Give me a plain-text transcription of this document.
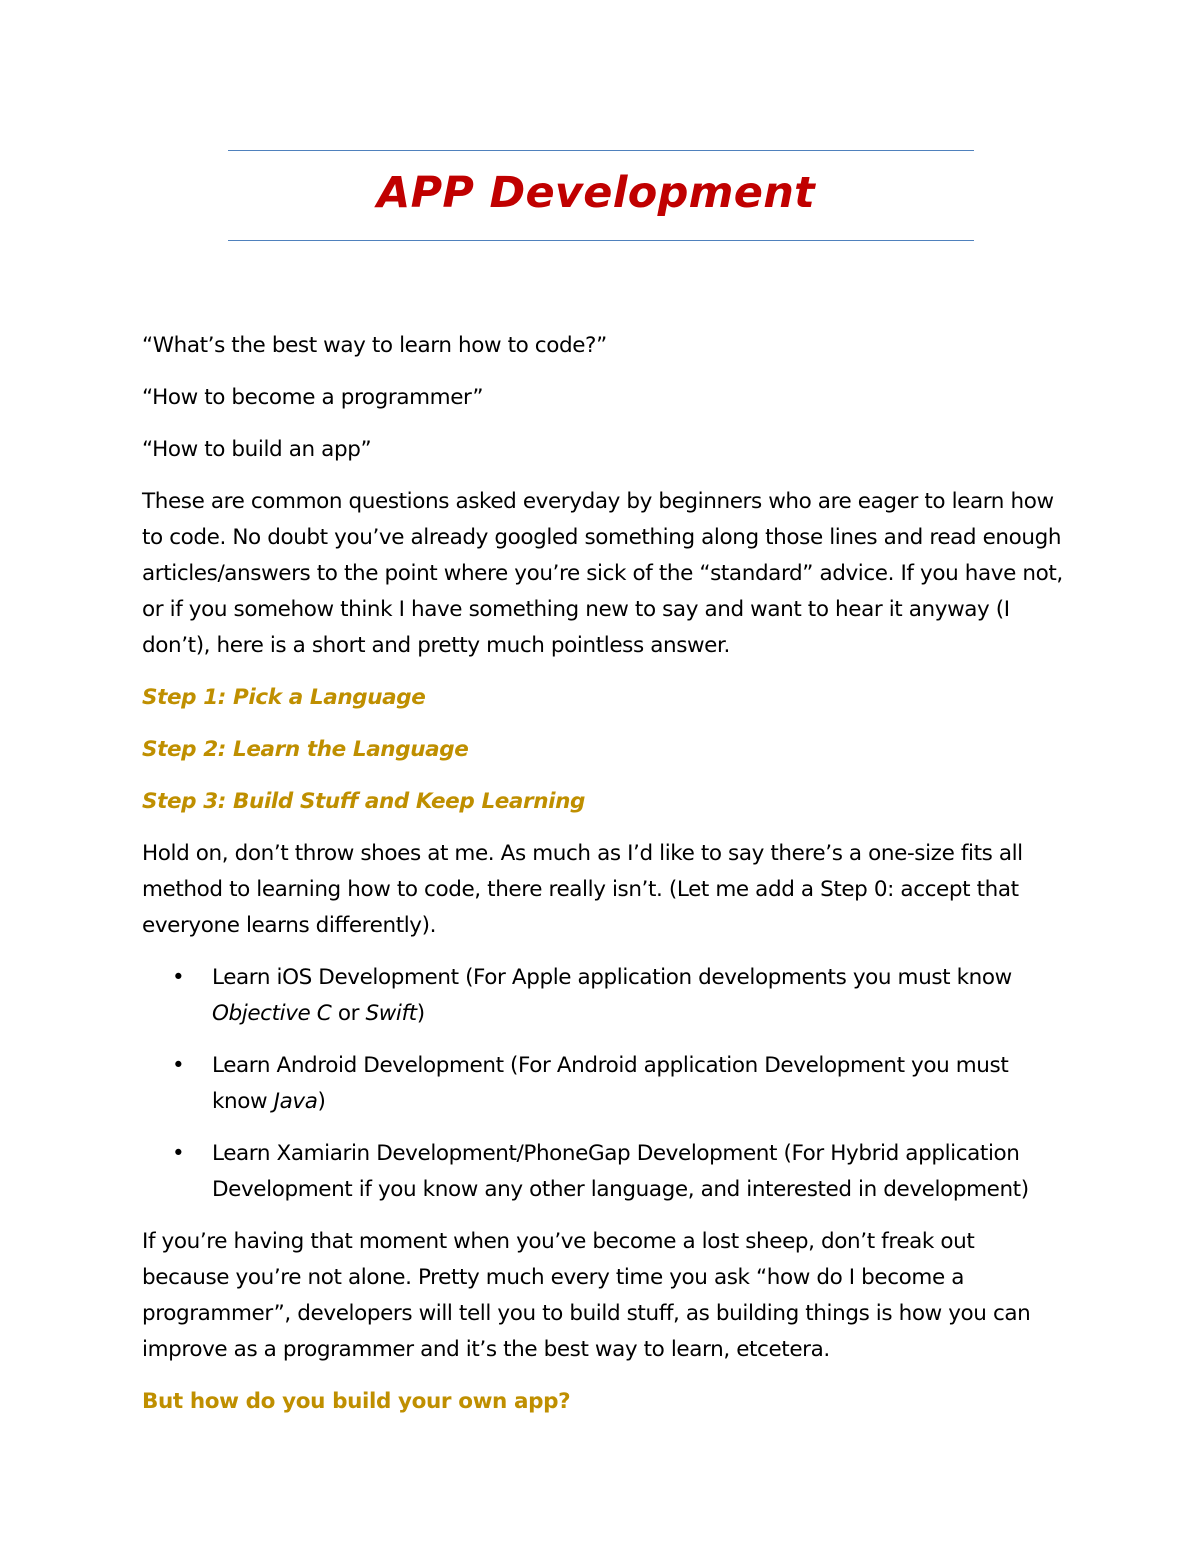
APP Development

“What’s the best way to learn how to code?”

“How to become a programmer”

“How to build an app”

These are common questions asked everyday by beginners who are eager to learn how to code. No doubt you’ve already googled something along those lines and read enough articles/answers to the point where you’re sick of the “standard” advice. If you have not, or if you somehow think I have something new to say and want to hear it anyway (I don’t), here is a short and pretty much pointless answer.

Step 1: Pick a Language

Step 2: Learn the Language

Step 3: Build Stuff and Keep Learning

Hold on, don’t throw shoes at me. As much as I’d like to say there’s a one-size fits all method to learning how to code, there really isn’t. (Let me add a Step 0: accept that everyone learns differently).

• Learn iOS Development (For Apple application developments you must know Objective C or Swift)
• Learn Android Development (For Android application Development you must know Java)
• Learn Xamiarin Development/PhoneGap Development (For Hybrid application Development if you know any other language, and interested in development)

If you’re having that moment when you’ve become a lost sheep, don’t freak out because you’re not alone. Pretty much every time you ask “how do I become a programmer”, developers will tell you to build stuff, as building things is how you can improve as a programmer and it’s the best way to learn, etcetera.

But how do you build your own app?
